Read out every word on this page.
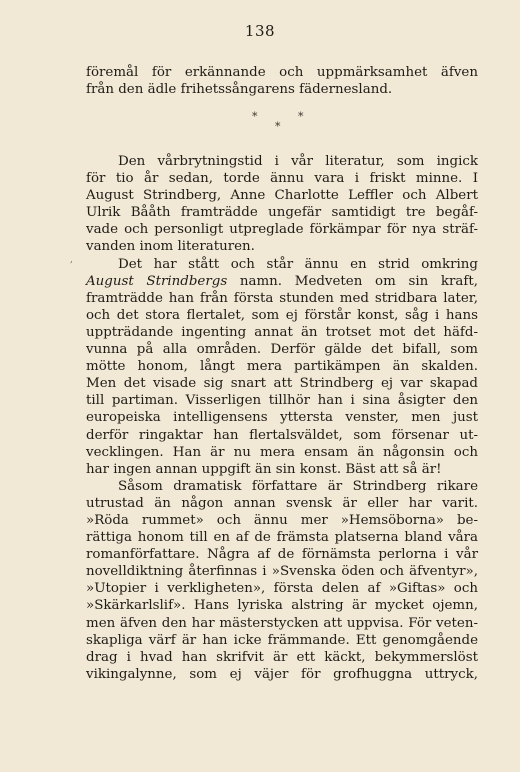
138
föremål för erkännande och uppmärksamhet äfven
från den ädle frihetssångarens fädernesland.
*
*
*
,
Den vårbrytningstid i vår literatur, som ingick
för tio år sedan, torde ännu vara i friskt minne. I
August Strindberg, Anne Charlotte Leffler och Albert
Ulrik Bååth framträdde ungefär samtidigt tre begåf-
vade och personligt utpreglade förkämpar för nya sträf-
vanden inom literaturen.
Det har stått och står ännu en strid omkring
August Strindbergs namn. Medveten om sin kraft,
framträdde han från första stunden med stridbara later,
och det stora flertalet, som ej förstår konst, såg i hans
uppträdande ingenting annat än trotset mot det häfd-
vunna på alla områden. Derför gälde det bifall, som
mötte honom, långt mera partikämpen än skalden.
Men det visade sig snart att Strindberg ej var skapad
till partiman. Visserligen tillhör han i sina åsigter den
europeiska intelligensens yttersta venster, men just
derför ringaktar han flertalsväldet, som försenar ut-
vecklingen. Han är nu mera ensam än någonsin och
har ingen annan uppgift än sin konst. Bäst att så är!
Såsom dramatisk författare är Strindberg rikare
utrustad än någon annan svensk är eller har varit.
»Röda rummet» och ännu mer »Hemsöborna» be-
rättiga honom till en af de främsta platserna bland våra
romanförfattare. Några af de förnämsta perlorna i vår
novelldiktning återfinnas i »Svenska öden och äfventyr»,
»Utopier i verkligheten», första delen af »Giftas» och
»Skärkarlslif». Hans lyriska alstring är mycket ojemn,
men äfven den har mästerstycken att uppvisa. För veten-
skapliga värf är han icke främmande. Ett genomgående
drag i hvad han skrifvit är ett käckt, bekymmerslöst
vikingalynne, som ej väjer för grofhuggna uttryck,
